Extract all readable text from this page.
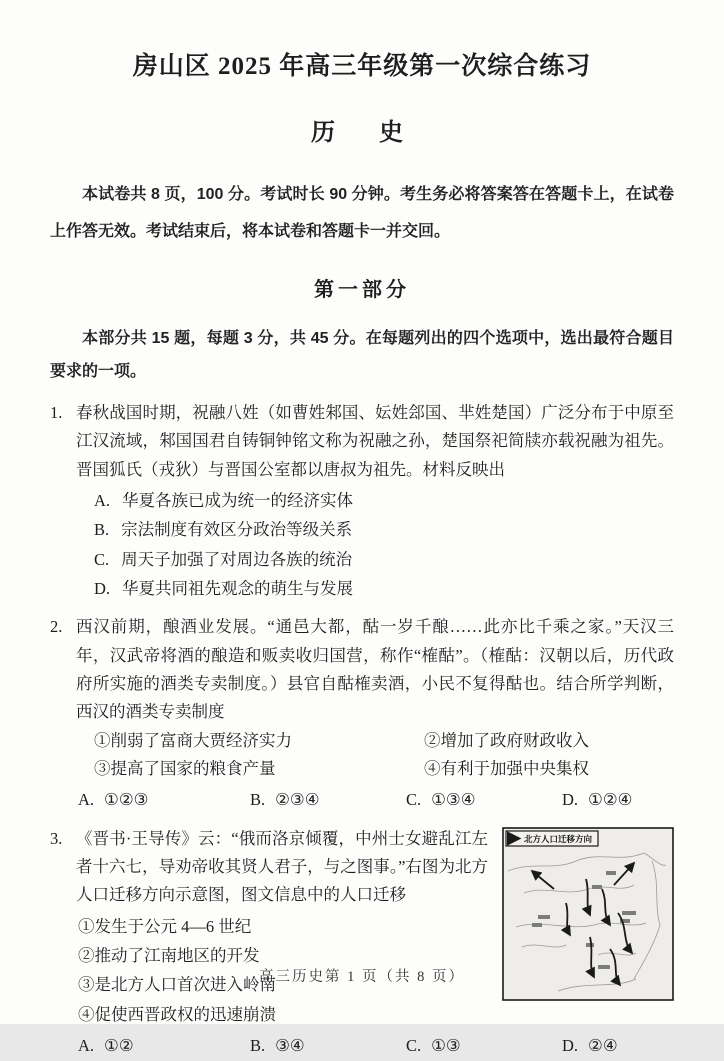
房山区 2025 年高三年级第一次综合练习
历　史
本试卷共 8 页，100 分。考试时长 90 分钟。考生务必将答案答在答题卡上，在试卷上作答无效。考试结束后，将本试卷和答题卡一并交回。
第一部分
本部分共 15 题，每题 3 分，共 45 分。在每题列出的四个选项中，选出最符合题目要求的一项。
1. 春秋战国时期，祝融八姓（如曹姓邾国、妘姓郐国、芈姓楚国）广泛分布于中原至江汉流域，邾国国君自铸铜钟铭文称为祝融之孙，楚国祭祀简牍亦载祝融为祖先。晋国狐氏（戎狄）与晋国公室都以唐叔为祖先。材料反映出
A. 华夏各族已成为统一的经济实体
B. 宗法制度有效区分政治等级关系
C. 周天子加强了对周边各族的统治
D. 华夏共同祖先观念的萌生与发展
2. 西汉前期，酿酒业发展。“通邑大都，酤一岁千酿……此亦比千乘之家。”天汉三年，汉武帝将酒的酿造和贩卖收归国营，称作“榷酤”。（榷酤：汉朝以后，历代政府所实施的酒类专卖制度。）县官自酤榷卖酒，小民不复得酤也。结合所学判断，西汉的酒类专卖制度
①削弱了富商大贾经济实力	②增加了政府财政收入
③提高了国家的粮食产量	④有利于加强中央集权
A. ①②③	B. ②③④	C. ①③④	D. ①②④
3.	北方人口迁移方向
《晋书·王导传》云：“俄而洛京倾覆，中州士女避乱江左者十六七，导劝帝收其贤人君子，与之图事。”右图为北方人口迁移方向示意图，图文信息中的人口迁移
①发生于公元 4—6 世纪
②推动了江南地区的开发
③是北方人口首次进入岭南
④促使西晋政权的迅速崩溃
A. ①②	B. ③④	C. ①③	D. ②④
高三历史第 1 页（共 8 页）
